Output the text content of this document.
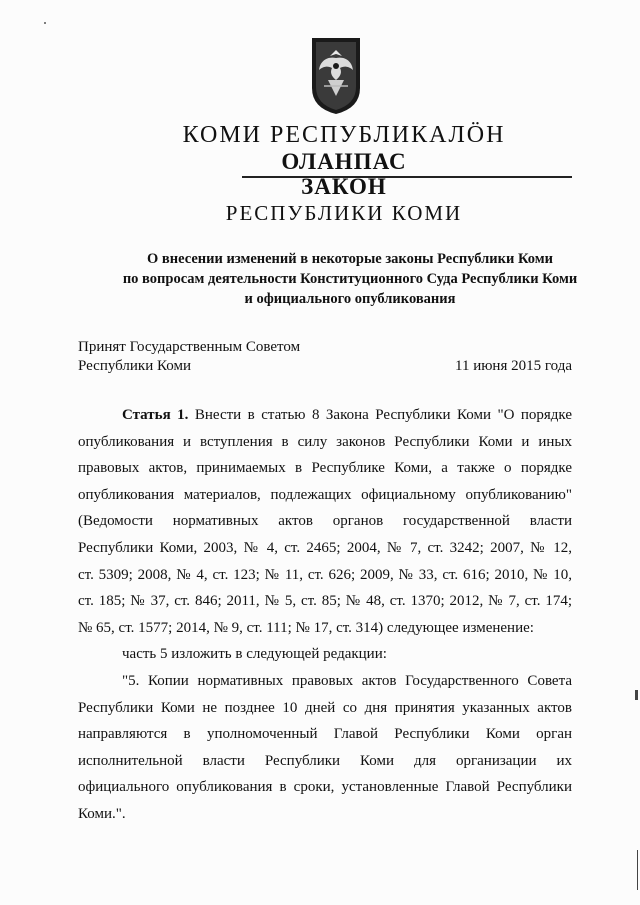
КОМИ РЕСПУБЛИКАЛÖН
ОЛАНПАС
ЗАКОН
РЕСПУБЛИКИ КОМИ
О внесении изменений в некоторые законы Республики Коми
по вопросам деятельности Конституционного Суда Республики Коми
и официального опубликования
Принят Государственным Советом
Республики Коми	11 июня 2015 года
Статья 1. Внести в статью 8 Закона Республики Коми "О порядке
опубликования и вступления в силу законов Республики Коми и иных
правовых актов, принимаемых в Республике Коми, а также о порядке
опубликования материалов, подлежащих официальному опубликованию"
(Ведомости нормативных актов органов государственной власти
Республики Коми, 2003, № 4, ст. 2465; 2004, № 7, ст. 3242; 2007, № 12,
ст. 5309; 2008, № 4, ст. 123; № 11, ст. 626; 2009, № 33, ст. 616; 2010, № 10,
ст. 185; № 37, ст. 846; 2011, № 5, ст. 85; № 48, ст. 1370; 2012, № 7, ст. 174;
№ 65, ст. 1577; 2014, № 9, ст. 111; № 17, ст. 314) следующее изменение:
часть 5 изложить в следующей редакции:
"5. Копии нормативных правовых актов Государственного Совета
Республики Коми не позднее 10 дней со дня принятия указанных актов
направляются в уполномоченный Главой Республики Коми орган
исполнительной власти Республики Коми для организации их
официального опубликования в сроки, установленные Главой Республики
Коми.".
